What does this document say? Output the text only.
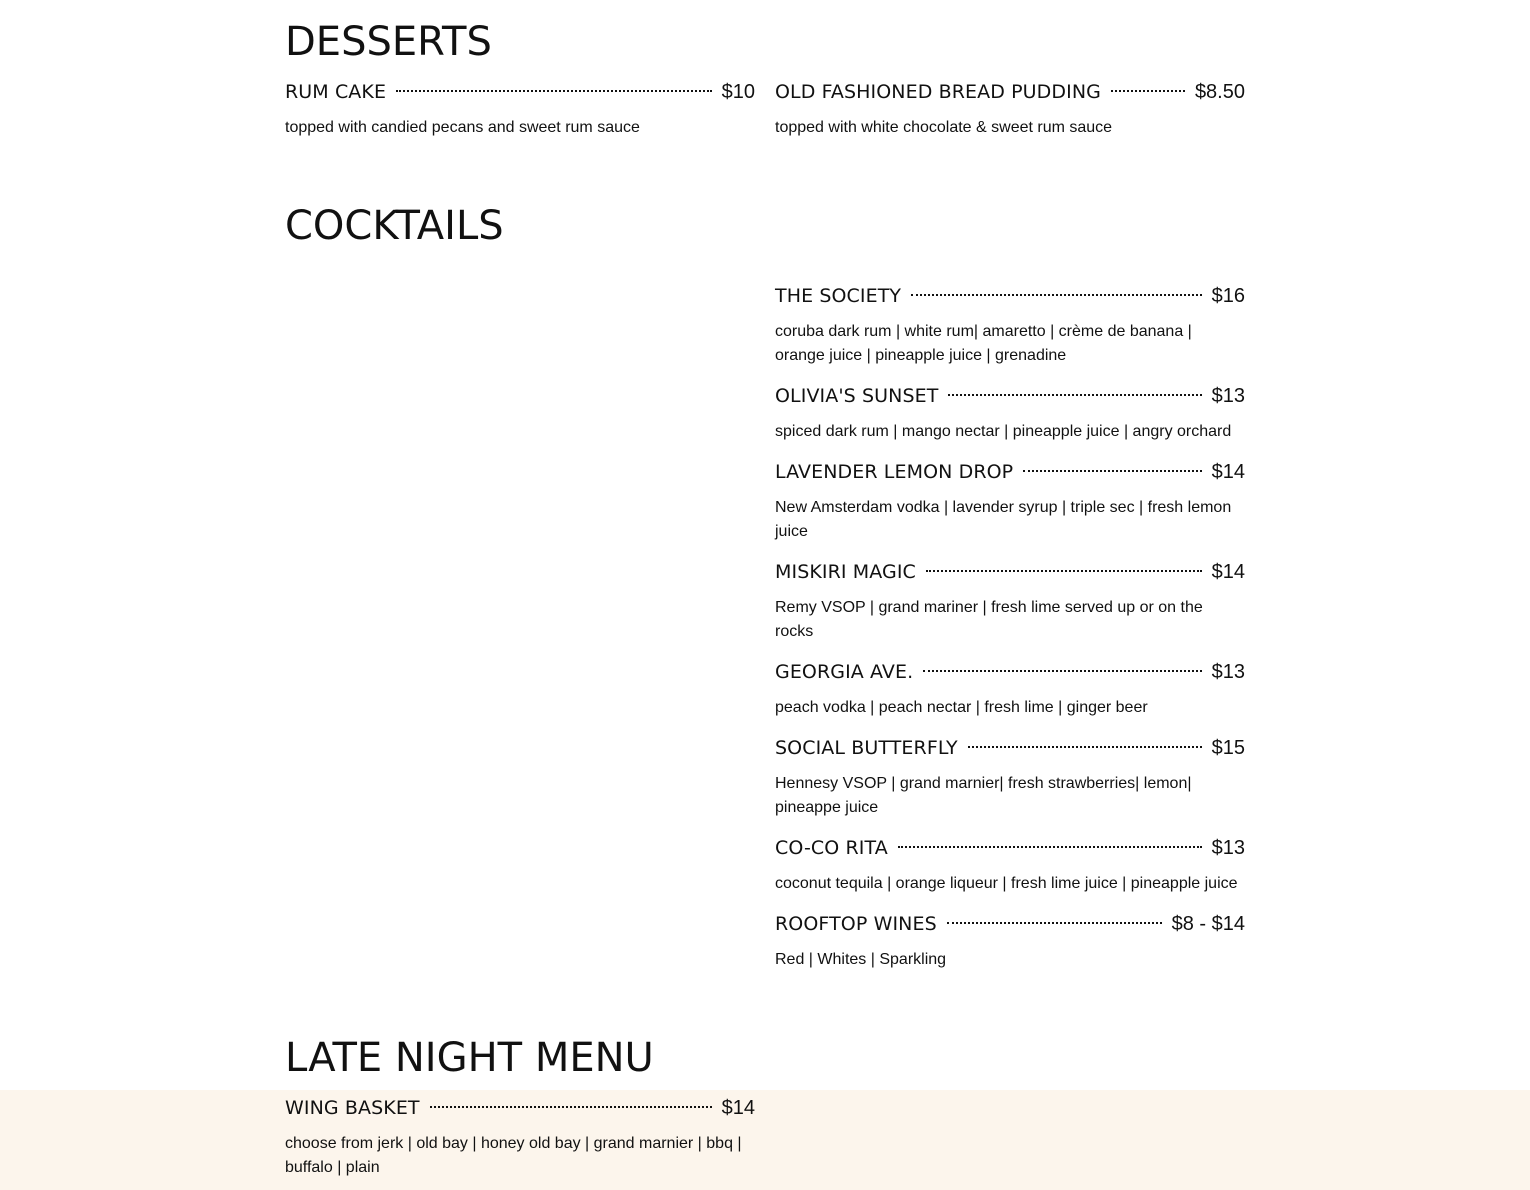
DESSERTS
RUM CAKE	$10
topped with candied pecans and sweet rum sauce
OLD FASHIONED BREAD PUDDING	$8.50
topped with white chocolate & sweet rum sauce
COCKTAILS
THE SOCIETY	$16
coruba dark rum | white rum| amaretto | crème de banana | orange juice | pineapple juice | grenadine
OLIVIA'S SUNSET	$13
spiced dark rum | mango nectar | pineapple juice | angry orchard
LAVENDER LEMON DROP	$14
New Amsterdam vodka | lavender syrup | triple sec | fresh lemon juice
MISKIRI MAGIC	$14
Remy VSOP | grand mariner | fresh lime served up or on the rocks
GEORGIA AVE.	$13
peach vodka | peach nectar | fresh lime | ginger beer
SOCIAL BUTTERFLY	$15
Hennesy VSOP | grand marnier| fresh strawberries| lemon| pineappe juice
CO-CO RITA	$13
coconut tequila | orange liqueur | fresh lime juice | pineapple juice
ROOFTOP WINES	$8 - $14
Red | Whites | Sparkling
LATE NIGHT MENU
WING BASKET	$14
choose from jerk | old bay | honey old bay | grand marnier | bbq | buffalo | plain
